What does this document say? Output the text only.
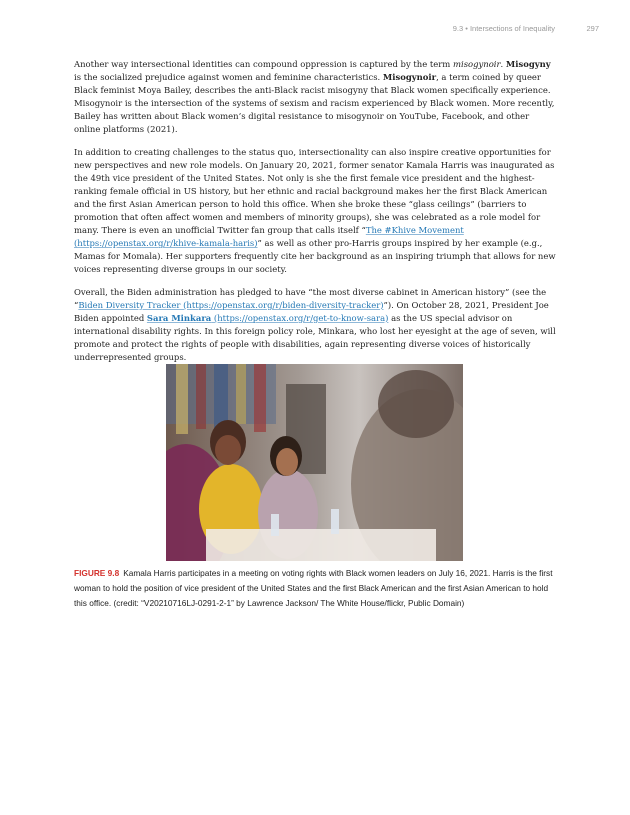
9.3 • Intersections of Inequality	297

Another way intersectional identities can compound oppression is captured by the term misogynoir. Misogyny is the socialized prejudice against women and feminine characteristics. Misogynoir, a term coined by queer Black feminist Moya Bailey, describes the anti-Black racist misogyny that Black women specifically experience. Misogynoir is the intersection of the systems of sexism and racism experienced by Black women. More recently, Bailey has written about Black women’s digital resistance to misogynoir on YouTube, Facebook, and other online platforms (2021).

In addition to creating challenges to the status quo, intersectionality can also inspire creative opportunities for new perspectives and new role models. On January 20, 2021, former senator Kamala Harris was inaugurated as the 49th vice president of the United States. Not only is she the first female vice president and the highest-ranking female official in US history, but her ethnic and racial background makes her the first Black American and the first Asian American person to hold this office. When she broke these “glass ceilings” (barriers to promotion that often affect women and members of minority groups), she was celebrated as a role model for many. There is even an unofficial Twitter fan group that calls itself “The #Khive Movement (https://openstax.org/r/khive-kamala-haris)” as well as other pro-Harris groups inspired by her example (e.g., Mamas for Momala). Her supporters frequently cite her background as an inspiring triumph that allows for new voices representing diverse groups in our society.

Overall, the Biden administration has pledged to have “the most diverse cabinet in American history” (see the “Biden Diversity Tracker (https://openstax.org/r/biden-diversity-tracker)”). On October 28, 2021, President Joe Biden appointed Sara Minkara (https://openstax.org/r/get-to-know-sara) as the US special advisor on international disability rights. In this foreign policy role, Minkara, who lost her eyesight at the age of seven, will promote and protect the rights of people with disabilities, again representing diverse voices of historically underrepresented groups.

FIGURE 9.8 Kamala Harris participates in a meeting on voting rights with Black women leaders on July 16, 2021. Harris is the first woman to hold the position of vice president of the United States and the first Black American and the first Asian American to hold this office. (credit: “V20210716LJ-0291-2-1” by Lawrence Jackson/ The White House/flickr, Public Domain)
